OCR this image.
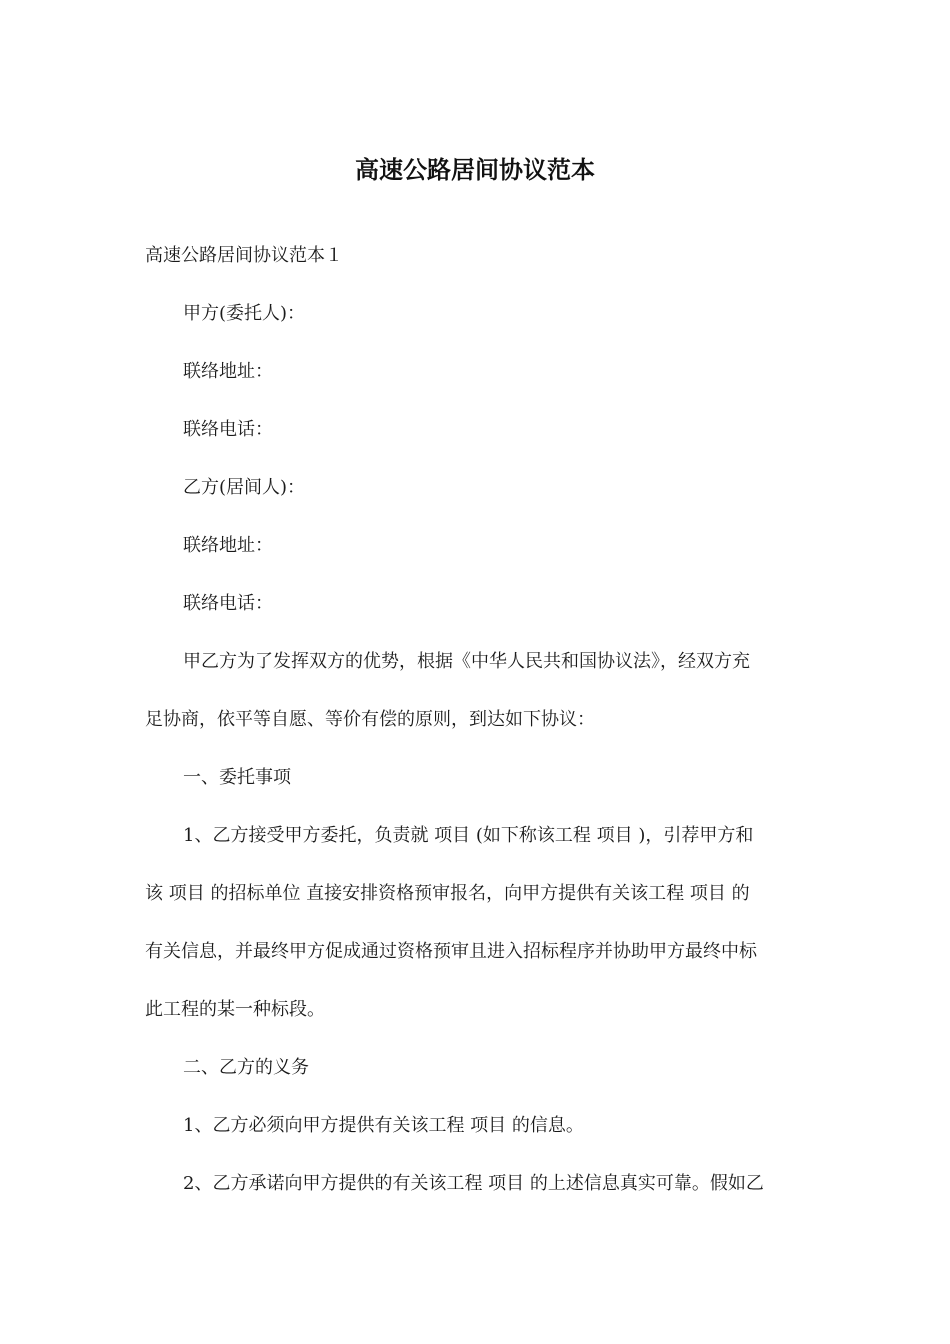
高速公路居间协议范本
高速公路居间协议范本１
甲方(委托人)：
联络地址：
联络电话：
乙方(居间人)：
联络地址：
联络电话：
甲乙方为了发挥双方的优势，根据《中华人民共和国协议法》，经双方充
足协商，依平等自愿、等价有偿的原则，到达如下协议：
一、委托事项
1、乙方接受甲方委托，负责就 项目 (如下称该工程 项目 )，引荐甲方和
该 项目 的招标单位 直接安排资格预审报名，向甲方提供有关该工程 项目 的
有关信息，并最终甲方促成通过资格预审且进入招标程序并协助甲方最终中标
此工程的某一种标段。
二、乙方的义务
1、乙方必须向甲方提供有关该工程 项目 的信息。
2、乙方承诺向甲方提供的有关该工程 项目 的上述信息真实可靠。假如乙
